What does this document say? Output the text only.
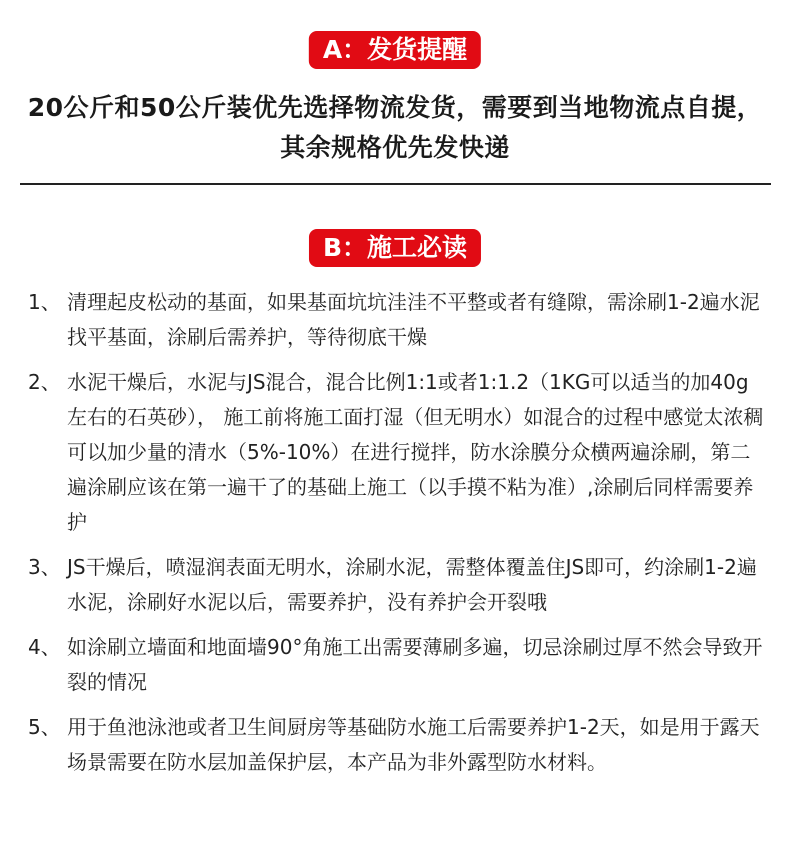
A：发货提醒
20公斤和50公斤装优先选择物流发货，需要到当地物流点自提，其余规格优先发快递
B：施工必读
1、 清理起皮松动的基面，如果基面坑坑洼洼不平整或者有缝隙，需涂刷1-2遍水泥找平基面，涂刷后需养护，等待彻底干燥
2、 水泥干燥后，水泥与JS混合，混合比例1:1或者1:1.2（1KG可以适当的加40g左右的石英砂）， 施工前将施工面打湿（但无明水）如混合的过程中感觉太浓稠可以加少量的清水（5%-10%）在进行搅拌，防水涂膜分众横两遍涂刷，第二遍涂刷应该在第一遍干了的基础上施工（以手摸不粘为准）,涂刷后同样需要养护
3、 JS干燥后，喷湿润表面无明水，涂刷水泥，需整体覆盖住JS即可，约涂刷1-2遍水泥，涂刷好水泥以后，需要养护，没有养护会开裂哦
4、 如涂刷立墙面和地面墙90°角施工出需要薄刷多遍，切忌涂刷过厚不然会导致开裂的情况
5、 用于鱼池泳池或者卫生间厨房等基础防水施工后需要养护1-2天，如是用于露天场景需要在防水层加盖保护层，本产品为非外露型防水材料。
